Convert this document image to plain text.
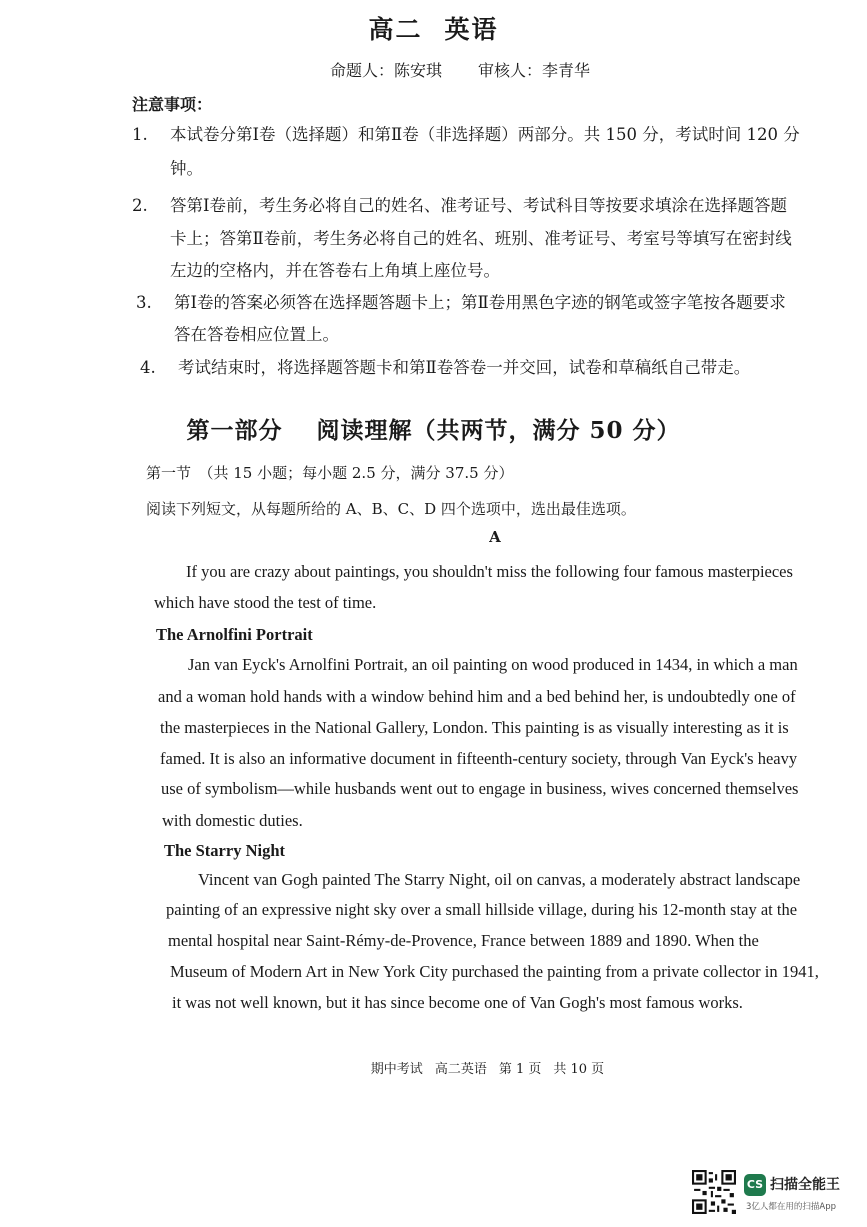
高二 英语
命题人：陈安琪 审核人：李青华
注意事项：
1.	本试卷分第Ⅰ卷（选择题）和第Ⅱ卷（非选择题）两部分。共 150 分，考试时间 120 分
钟。
2.	答第Ⅰ卷前，考生务必将自己的姓名、准考证号、考试科目等按要求填涂在选择题答题
卡上；答第Ⅱ卷前，考生务必将自己的姓名、班别、准考证号、考室号等填写在密封线
左边的空格内，并在答卷右上角填上座位号。
3.	第Ⅰ卷的答案必须答在选择题答题卡上；第Ⅱ卷用黑色字迹的钢笔或签字笔按各题要求
答在答卷相应位置上。
4.	考试结束时，将选择题答题卡和第Ⅱ卷答卷一并交回，试卷和草稿纸自己带走。
第一部分 阅读理解（共两节，满分 50 分）
第一节　（共 15 小题；每小题 2.5 分，满分 37.5 分）
阅读下列短文，从每题所给的 A、B、C、D 四个选项中，选出最佳选项。
A
If you are crazy about paintings, you shouldn't miss the following four famous masterpieces
which have stood the test of time.
The Arnolfini Portrait
Jan van Eyck's Arnolfini Portrait, an oil painting on wood produced in 1434, in which a man
and a woman hold hands with a window behind him and a bed behind her, is undoubtedly one of
the masterpieces in the National Gallery, London. This painting is as visually interesting as it is
famed. It is also an informative document in fifteenth-century society, through Van Eyck's heavy
use of symbolism—while husbands went out to engage in business, wives concerned themselves
with domestic duties.
The Starry Night
Vincent van Gogh painted The Starry Night, oil on canvas, a moderately abstract landscape
painting of an expressive night sky over a small hillside village, during his 12-month stay at the
mental hospital near Saint-Rémy-de-Provence, France between 1889 and 1890. When the
Museum of Modern Art in New York City purchased the painting from a private collector in 1941,
it was not well known, but it has since become one of Van Gogh's most famous works.
期中考试 高二英语 第 1 页 共 10 页
CS 扫描全能王
3亿人都在用的扫描App
